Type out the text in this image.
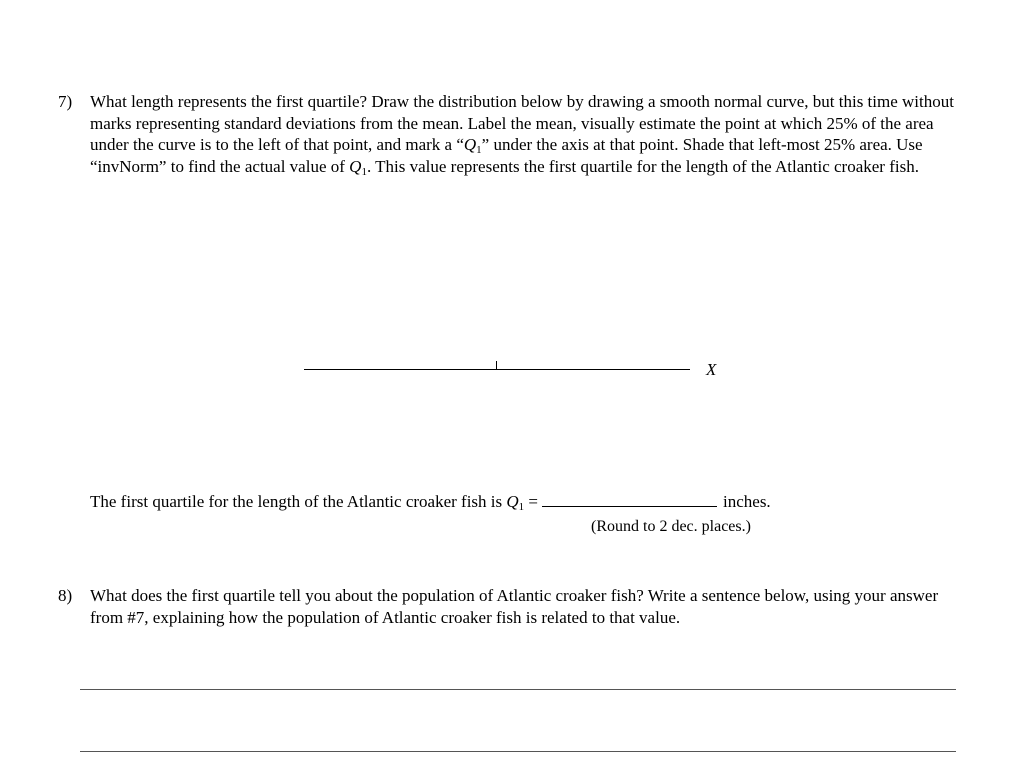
7) What length represents the first quartile? Draw the distribution below by drawing a smooth normal curve, but this time without marks representing standard deviations from the mean. Label the mean, visually estimate the point at which 25% of the area under the curve is to the left of that point, and mark a “$Q_1$” under the axis at that point. Shade that left-most 25% area. Use “invNorm” to find the actual value of $Q_1$. This value represents the first quartile for the length of the Atlantic croaker fish.
X
The first quartile for the length of the Atlantic croaker fish is $Q_1$ =	inches.
(Round to 2 dec. places.)
8) What does the first quartile tell you about the population of Atlantic croaker fish? Write a sentence below, using your answer from #7, explaining how the population of Atlantic croaker fish is related to that value.
